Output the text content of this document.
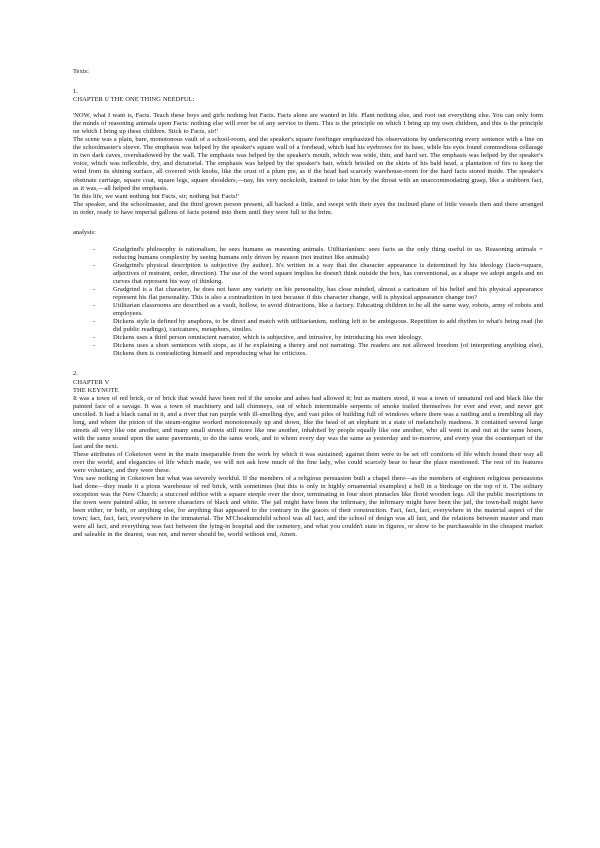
Texts:
1.
CHAPTER I/ THE ONE THING NEEDFUL:

'NOW, what I want is, Facts. Teach these boys and girls nothing but Facts. Facts alone are wanted in life. Plant nothing else, and root out everything else. You can only form the minds of reasoning animals upon Facts: nothing else will ever be of any service to them. This is the principle on which I bring up my own children, and this is the principle on which I bring up these children. Stick to Facts, sir!'

The scene was a plain, bare, monotonous vault of a school-room, and the speaker's square forefinger emphasized his observations by underscoring every sentence with a line on the schoolmaster's sleeve. The emphasis was helped by the speaker's square wall of a forehead, which had his eyebrows for its base, while his eyes found commodious cellarage in two dark caves, overshadowed by the wall. The emphasis was helped by the speaker's mouth, which was wide, thin, and hard set. The emphasis was helped by the speaker's voice, which was inflexible, dry, and dictatorial. The emphasis was helped by the speaker's hair, which bristled on the skirts of his bald head, a plantation of firs to keep the wind from its shining surface, all covered with knobs, like the crust of a plum pie, as if the head had scarcely warehouse-room for the hard facts stored inside. The speaker's obstinate carriage, square coat, square legs, square shoulders,—nay, his very neckcloth, trained to take him by the throat with an unaccommodating grasp, like a stubborn fact, as it was,—all helped the emphasis.

'In this life, we want nothing but Facts, sir; nothing but Facts!'

The speaker, and the schoolmaster, and the third grown person present, all backed a little, and swept with their eyes the inclined plane of little vessels then and there arranged in order, ready to have imperial gallons of facts poured into them until they were full to the brim.

analysis:
-	Gradgrind's philosophy is rationalism, he sees humans as reasoning animals. Utilitarianism: sees facts as the only thing useful to us. Reasoning animals = reducing humans complexity by seeing humans only driven by reason (not instinct like animals)
-	Gradgrind's physical description is subjective (by author). It's written in a way that the character appearance is determined by his ideology (facts=square, adjectives of restraint, order, direction). The use of the word square implies he doesn't think outside the box, has conventional, as a shape we adopt angels and no curves that represent his way of thinking.
-	Gradgrind is a flat character, he does not have any variety on his personality, has close minded, almost a caricature of his belief and his physical appearance represent his flat personality. This is also a contradiction in text because if this character change, will is physical appearance change too?
-	Utilitarian classrooms are described as a vault, hollow, to avoid distractions, like a factory. Educating children to be all the same way, robots, army of robots and employees.
-	Dickens style is defined by anaphora, to be direct and match with utilitarianism, nothing left to be ambiguous. Repetition to add rhythm to what's being read (he did public readings), caricatures, metaphors, similes.
-	Dickens uses a third person omniscient narrator, which is subjective, and intrusive, by introducing his own ideology.
-	Dickens uses a short sentences with stops, as if he explaining a theory and not narrating. The readers are not allowed freedom (of interpreting anything else), Dickens then is contradicting himself and reproducing what he criticizes.
2.
CHAPTER V
THE KEYNOTE

It was a town of red brick, or of brick that would have been red if the smoke and ashes had allowed it; but as matters stood, it was a town of unnatural red and black like the painted face of a savage. It was a town of machinery and tall chimneys, out of which interminable serpents of smoke trailed themselves for ever and ever, and never got uncoiled. It had a black canal in it, and a river that ran purple with ill-smelling dye, and vast piles of building full of windows where there was a rattling and a trembling all day long, and where the piston of the steam-engine worked monotonously up and down, like the head of an elephant in a state of melancholy madness. It contained several large streets all very like one another, and many small streets still more like one another, inhabited by people equally like one another, who all went in and out at the same hours, with the same sound upon the same pavements, to do the same work, and to whom every day was the same as yesterday and to-morrow, and every year the counterpart of the last and the next.

These attributes of Coketown were in the main inseparable from the work by which it was sustained; against them were to be set off comforts of life which found their way all over the world, and elegancies of life which made, we will not ask how much of the fine lady, who could scarcely bear to hear the place mentioned. The rest of its features were voluntary, and they were these.

You saw nothing in Coketown but what was severely workful. If the members of a religious persuasion built a chapel there—as the members of eighteen religious persuasions had done—they made it a pious warehouse of red brick, with sometimes (but this is only in highly ornamental examples) a bell in a birdcage on the top of it. The solitary exception was the New Church; a stuccoed edifice with a square steeple over the door, terminating in four short pinnacles like florid wooden legs. All the public inscriptions in the town were painted alike, in severe characters of black and white. The jail might have been the infirmary, the infirmary might have been the jail, the town-hall might have been either, or both, or anything else, for anything that appeared to the contrary in the graces of their construction. Fact, fact, fact, everywhere in the material aspect of the town; fact, fact, fact, everywhere in the immaterial. The M'Choakumchild school was all fact, and the school of design was all fact, and the relations between master and man were all fact, and everything was fact between the lying-in hospital and the cemetery, and what you couldn't state in figures, or show to be purchaseable in the cheapest market and saleable in the dearest, was not, and never should be, world without end, Amen.
